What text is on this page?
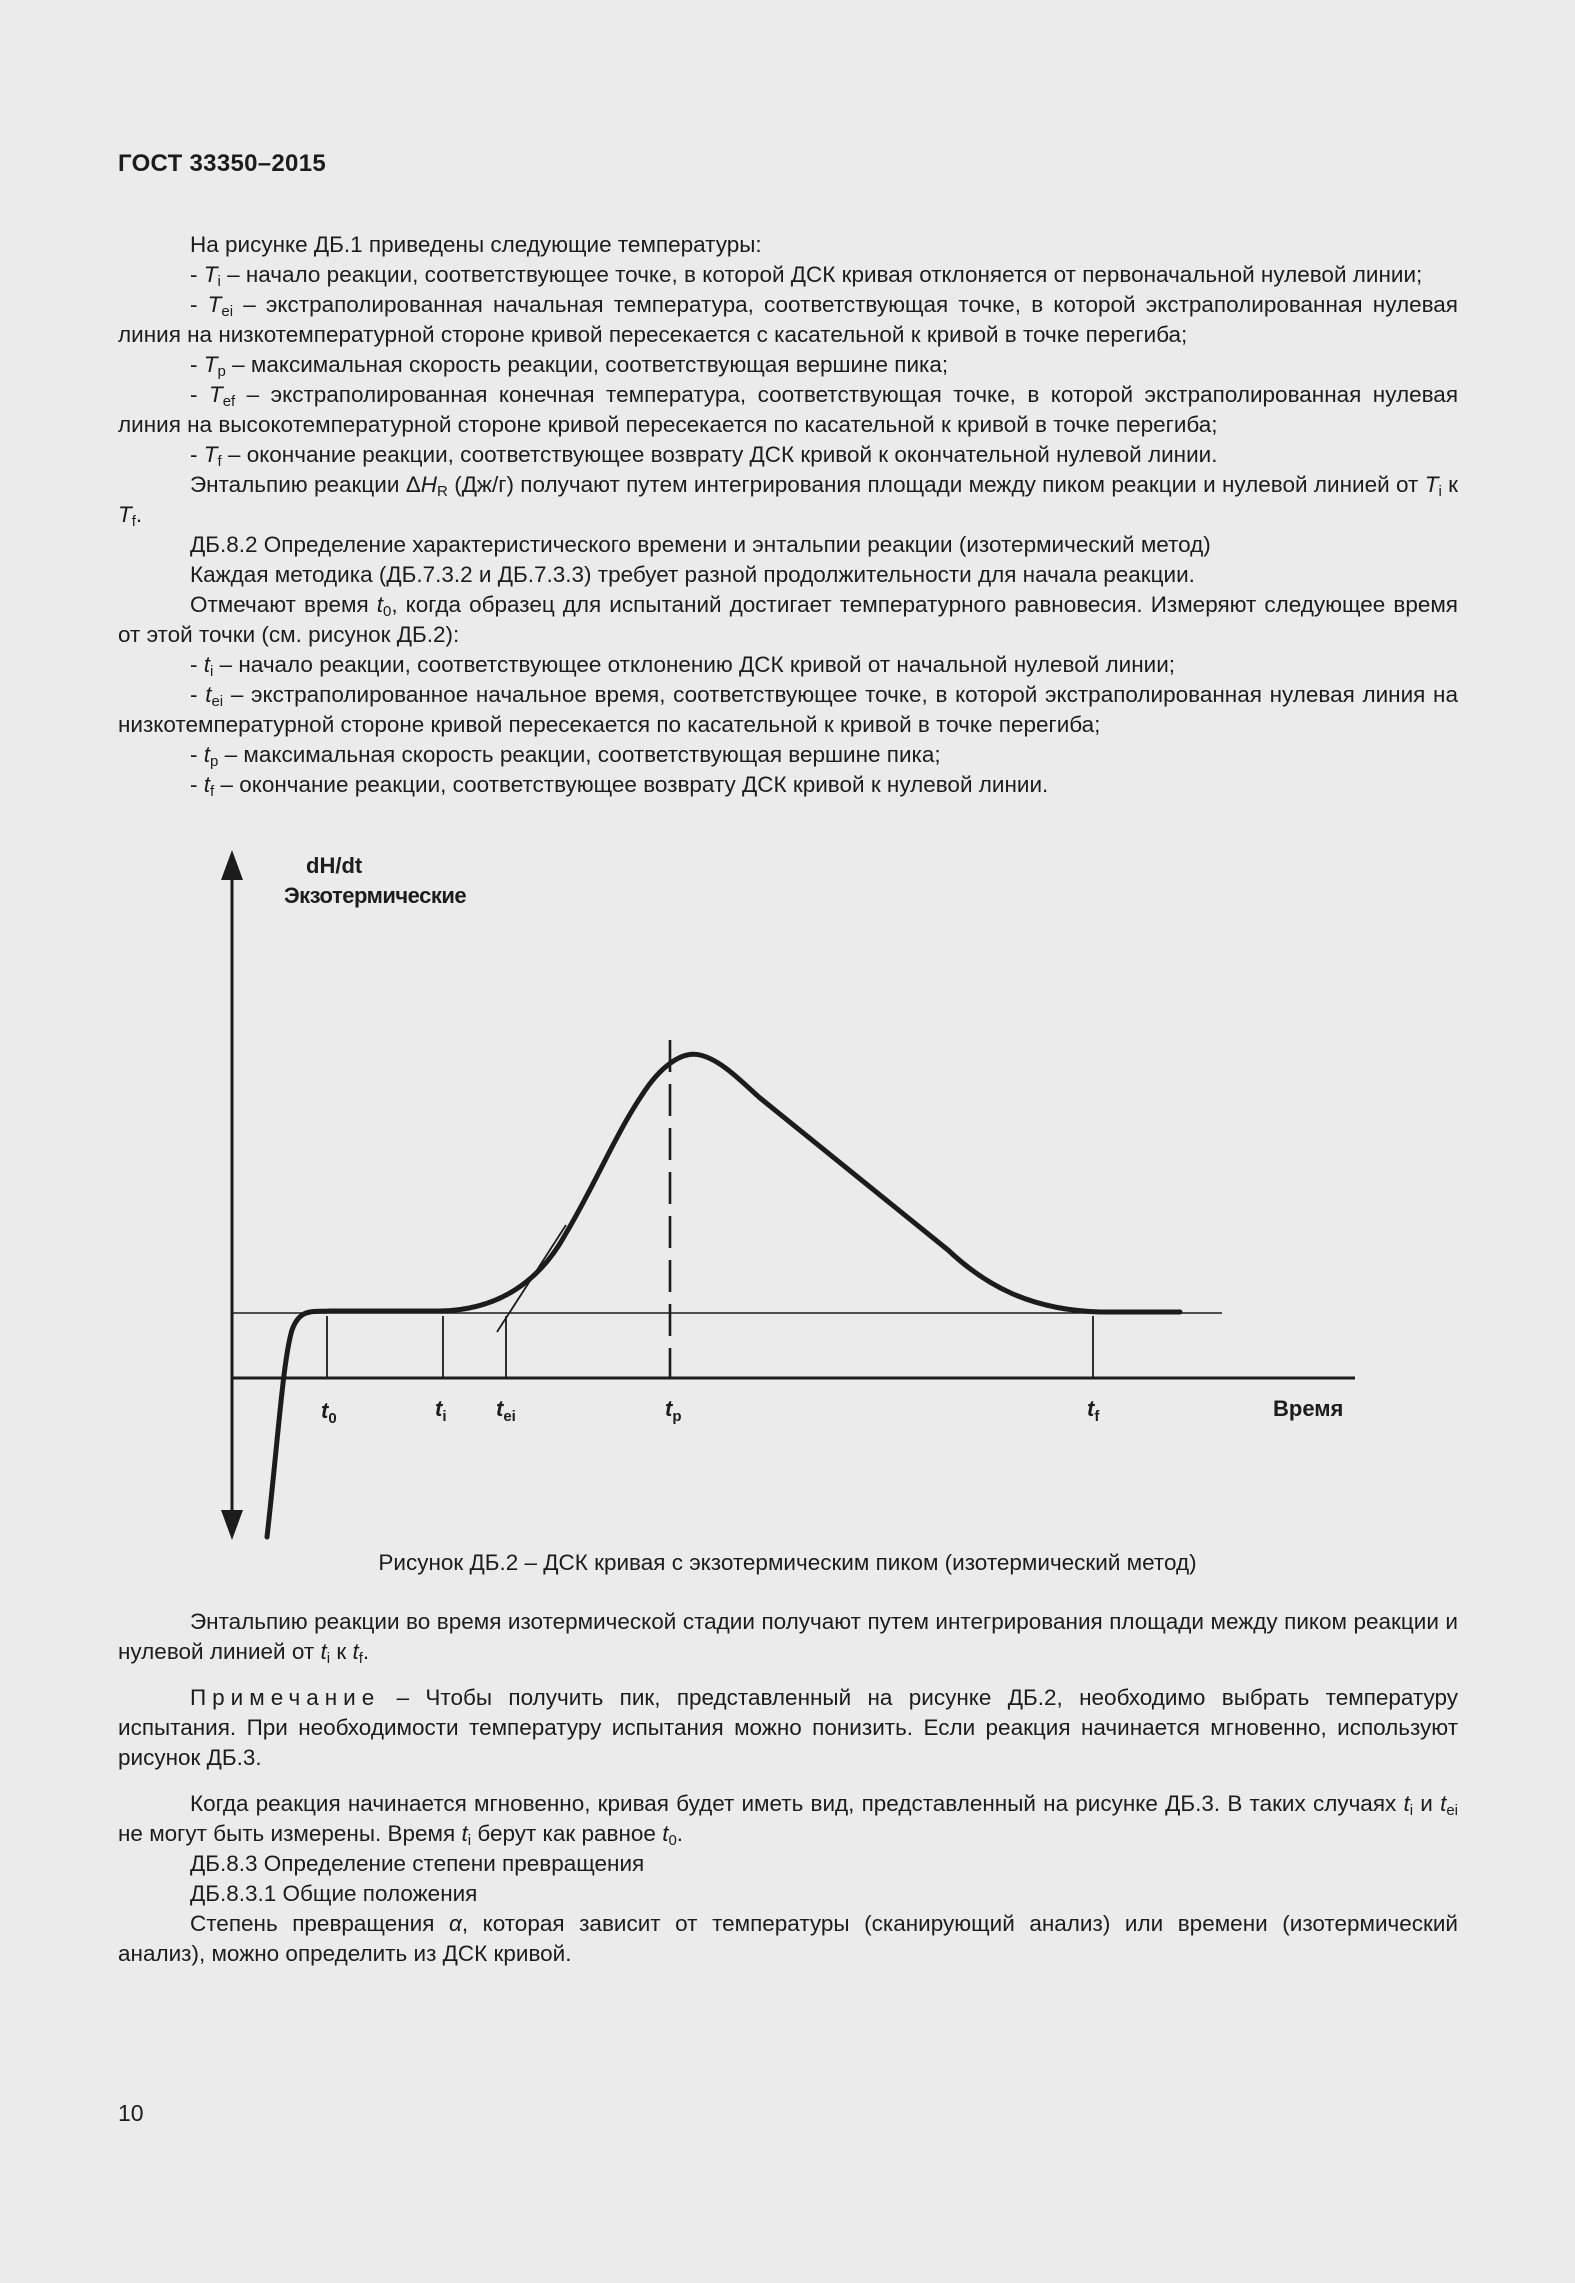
ГОСТ 33350–2015

На рисунке ДБ.1 приведены следующие температуры:

- $T_i$ – начало реакции, соответствующее точке, в которой ДСК кривая отклоняется от первоначальной нулевой линии;

- $T_{ei}$ – экстраполированная начальная температура, соответствующая точке, в которой экстраполированная нулевая линия на низкотемпературной стороне кривой пересекается с касательной к кривой в точке перегиба;

- $T_p$ – максимальная скорость реакции, соответствующая вершине пика;

- $T_{ef}$ – экстраполированная конечная температура, соответствующая точке, в которой экстраполированная нулевая линия на высокотемпературной стороне кривой пересекается по касательной к кривой в точке перегиба;

- $T_f$ – окончание реакции, соответствующее возврату ДСК кривой к окончательной нулевой линии.

Энтальпию реакции $\Delta H_R$ (Дж/г) получают путем интегрирования площади между пиком реакции и нулевой линией от $T_i$ к $T_f$.

ДБ.8.2 Определение характеристического времени и энтальпии реакции (изотермический метод)

Каждая методика (ДБ.7.3.2 и ДБ.7.3.3) требует разной продолжительности для начала реакции.

Отмечают время $t_0$, когда образец для испытаний достигает температурного равновесия. Измеряют следующее время от этой точки (см. рисунок ДБ.2):

- $t_i$ – начало реакции, соответствующее отклонению ДСК кривой от начальной нулевой линии;

- $t_{ei}$ – экстраполированное начальное время, соответствующее точке, в которой экстраполированная нулевая линия на низкотемпературной стороне кривой пересекается по касательной к кривой в точке перегиба;

- $t_p$ – максимальная скорость реакции, соответствующая вершине пика;

- $t_f$ – окончание реакции, соответствующее возврату ДСК кривой к нулевой линии.

dH/dt
Экзотермические
Время
$t_0$	$t_i$ $t_{ei}$	$t_p$	$t_f$
Рисунок ДБ.2 – ДСК кривая с экзотермическим пиком (изотермический метод)

Энтальпию реакции во время изотермической стадии получают путем интегрирования площади между пиком реакции и нулевой линией от $t_i$ к $t_f$.

Примечание – Чтобы получить пик, представленный на рисунке ДБ.2, необходимо выбрать температуру испытания. При необходимости температуру испытания можно понизить. Если реакция начинается мгновенно, используют рисунок ДБ.3.

Когда реакция начинается мгновенно, кривая будет иметь вид, представленный на рисунке ДБ.3. В таких случаях $t_i$ и $t_{ei}$ не могут быть измерены. Время $t_i$ берут как равное $t_0$.

ДБ.8.3 Определение степени превращения

ДБ.8.3.1 Общие положения

Степень превращения α, которая зависит от температуры (сканирующий анализ) или времени (изотермический анализ), можно определить из ДСК кривой.

10
